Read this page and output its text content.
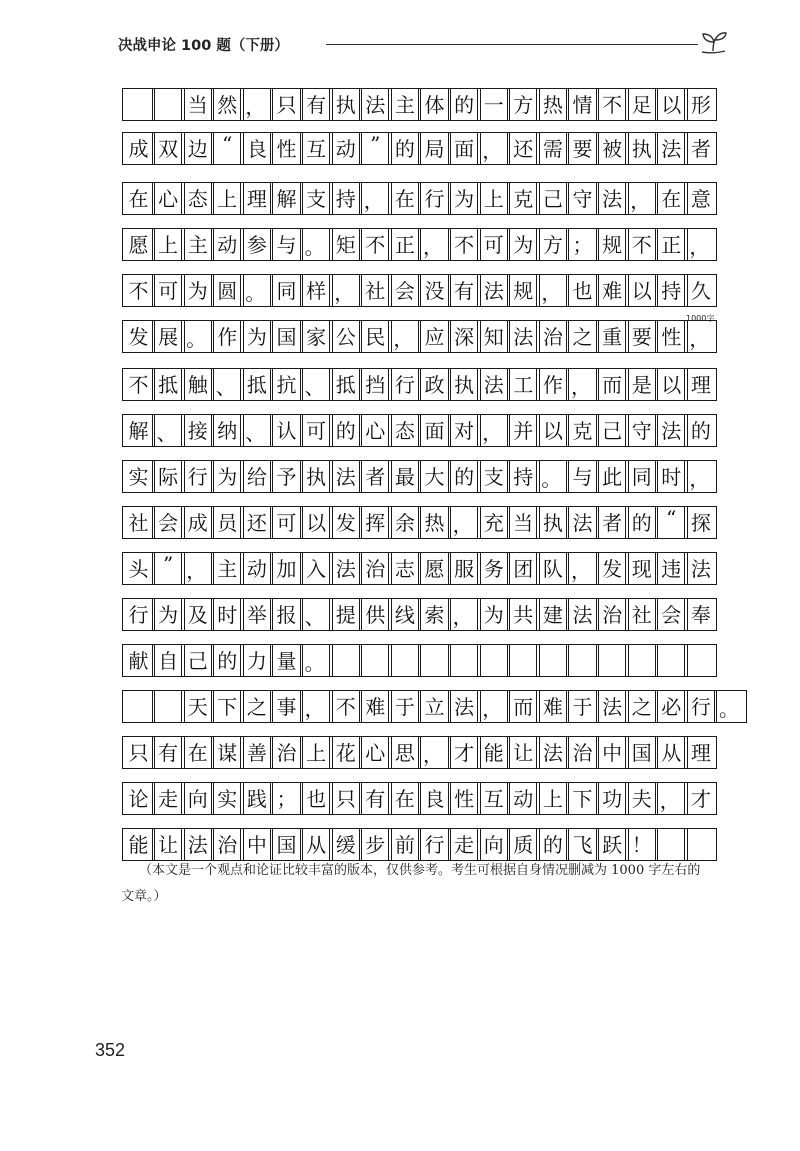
决战申论 100 题（下册）
当 然 ， 只 有 执 法 主 体 的 一 方 热 情 不 足 以 形
成 双 边 “ 良 性 互 动 ” 的 局 面 ， 还 需 要 被 执 法 者
在 心 态 上 理 解 支 持 ， 在 行 为 上 克 己 守 法 ， 在 意
愿 上 主 动 参 与 。 矩 不 正 ， 不 可 为 方 ； 规 不 正 ，
不 可 为 圆 。 同 样 ， 社 会 没 有 法 规 ， 也 难 以 持 久
发 展 。 作 为 国 家 公 民 ， 应 深 知 法 治 之 重 要 性 ，
不 抵 触 、 抵 抗 、 抵 挡 行 政 执 法 工 作 ， 而 是 以 理
解 、 接 纳 、 认 可 的 心 态 面 对 ， 并 以 克 己 守 法 的
实 际 行 为 给 予 执 法 者 最 大 的 支 持 。 与 此 同 时 ，
社 会 成 员 还 可 以 发 挥 余 热 ， 充 当 执 法 者 的 “ 探
头 ” ， 主 动 加 入 法 治 志 愿 服 务 团 队 ， 发 现 违 法
行 为 及 时 举 报 、 提 供 线 索 ， 为 共 建 法 治 社 会 奉
献 自 己 的 力 量 。
天 下 之 事 ， 不 难 于 立 法 ， 而 难 于 法 之 必 行 。
只 有 在 谋 善 治 上 花 心 思 ， 才 能 让 法 治 中 国 从 理
论 走 向 实 践 ； 也 只 有 在 良 性 互 动 上 下 功 夫 ， 才
能 让 法 治 中 国 从 缓 步 前 行 走 向 质 的 飞 跃 ！
1000字
（本文是一个观点和论证比较丰富的版本，仅供参考。考生可根据自身情况删减为 1000 字左右的文章。）
352
